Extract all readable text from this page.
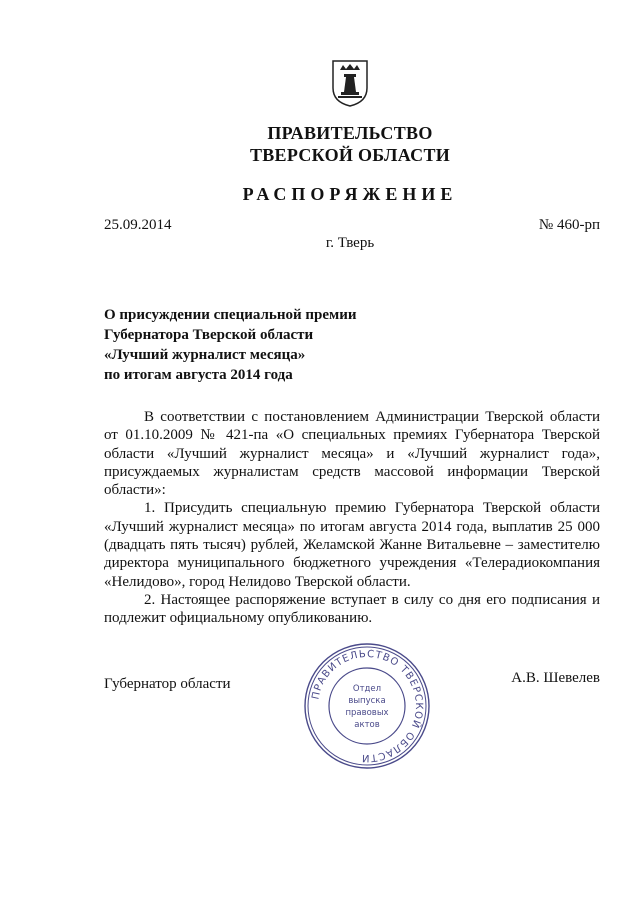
ПРАВИТЕЛЬСТВО
ТВЕРСКОЙ ОБЛАСТИ
РАСПОРЯЖЕНИЕ
25.09.2014	№ 460-рп
г. Тверь
О присуждении специальной премии
Губернатора Тверской области
«Лучший журналист месяца»
по итогам августа 2014 года

В соответствии с постановлением Администрации Тверской области от 01.10.2009 № 421-па «О специальных премиях Губернатора Тверской области «Лучший журналист месяца» и «Лучший журналист года», присуждаемых журналистам средств массовой информации Тверской области»:

1. Присудить специальную премию Губернатора Тверской области «Лучший журналист месяца» по итогам августа 2014 года, выплатив 25 000 (двадцать пять тысяч) рублей, Желамской Жанне Витальевне – заместителю директора муниципального бюджетного учреждения «Телерадиокомпания «Нелидово», город Нелидово Тверской области.

2. Настоящее распоряжение вступает в силу со дня его подписания и подлежит официальному опубликованию.

Губернатор области	А.В. Шевелев
ПРАВИТЕЛЬСТВО ТВЕРСКОЙ ОБЛАСТИ
Отдел
выпуска
правовых
актов
